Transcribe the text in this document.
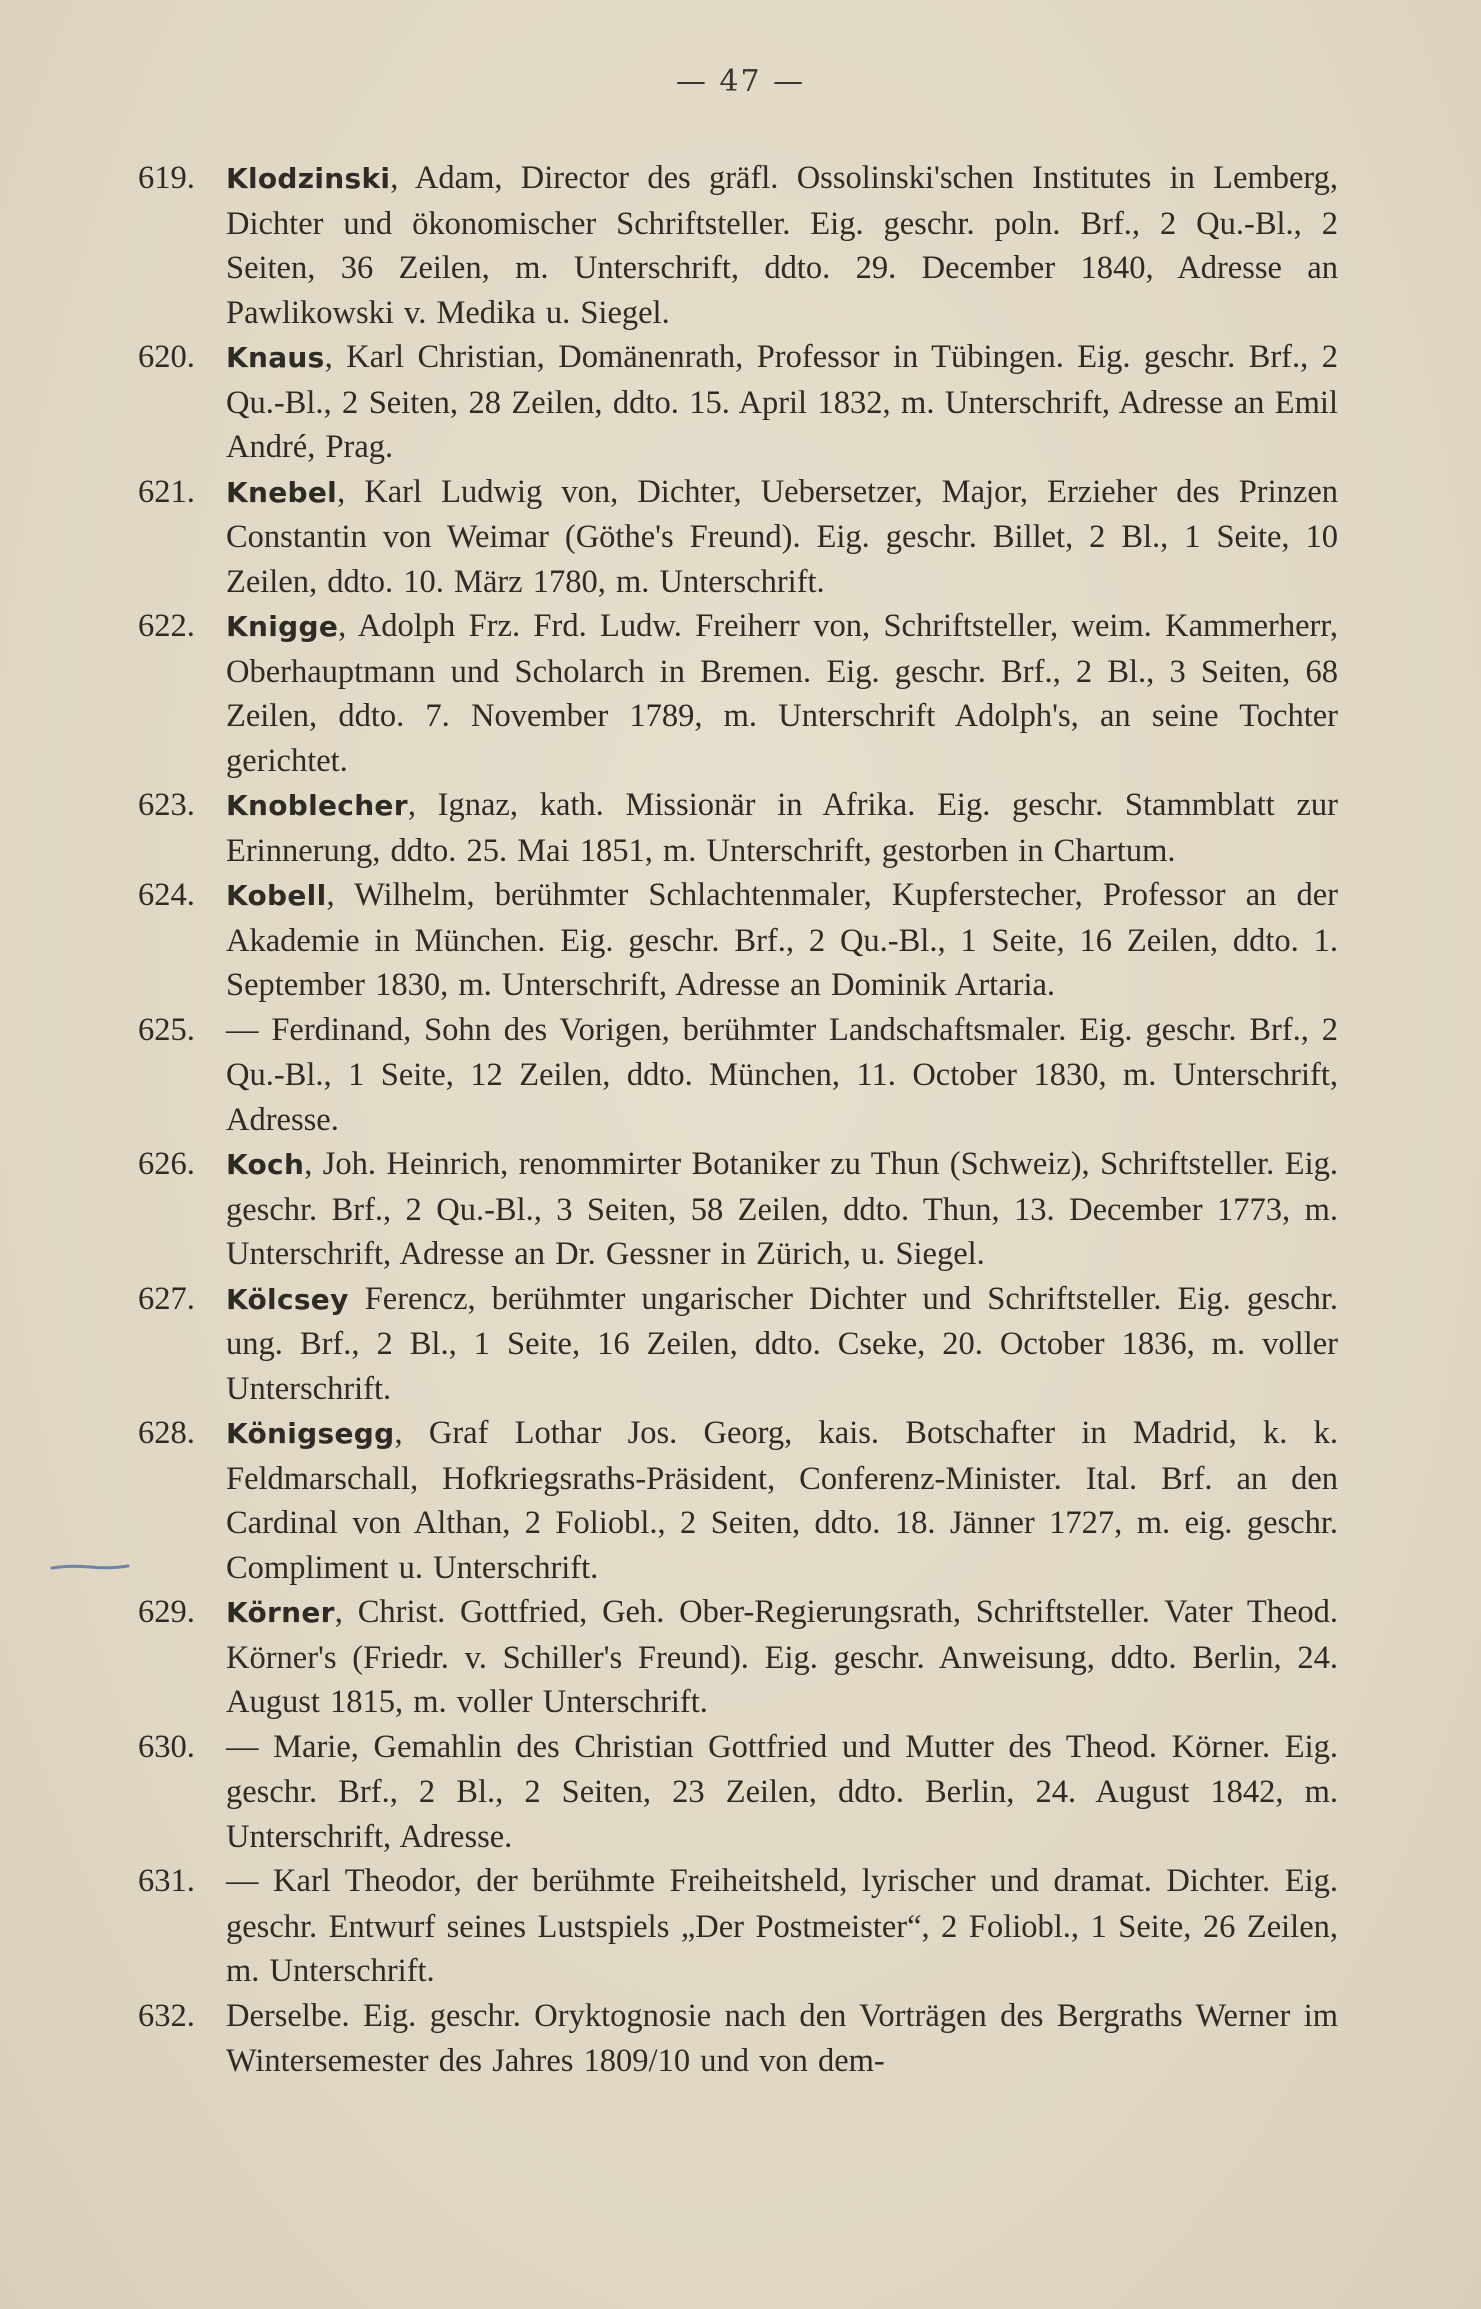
— 47 —
619.	Klodzinski, Adam, Director des gräfl. Ossolinski'schen Institutes in Lemberg, Dichter und ökonomischer Schriftsteller. Eig. geschr. poln. Brf., 2 Qu.-Bl., 2 Seiten, 36 Zeilen, m. Unterschrift, ddto. 29. December 1840, Adresse an Pawlikowski v. Medika u. Siegel.
620.	Knaus, Karl Christian, Domänenrath, Professor in Tübingen. Eig. geschr. Brf., 2 Qu.-Bl., 2 Seiten, 28 Zeilen, ddto. 15. April 1832, m. Unterschrift, Adresse an Emil André, Prag.
621.	Knebel, Karl Ludwig von, Dichter, Uebersetzer, Major, Erzieher des Prinzen Constantin von Weimar (Göthe's Freund). Eig. geschr. Billet, 2 Bl., 1 Seite, 10 Zeilen, ddto. 10. März 1780, m. Unterschrift.
622.	Knigge, Adolph Frz. Frd. Ludw. Freiherr von, Schriftsteller, weim. Kammerherr, Oberhauptmann und Scholarch in Bremen. Eig. geschr. Brf., 2 Bl., 3 Seiten, 68 Zeilen, ddto. 7. November 1789, m. Unterschrift Adolph's, an seine Tochter gerichtet.
623.	Knoblecher, Ignaz, kath. Missionär in Afrika. Eig. geschr. Stammblatt zur Erinnerung, ddto. 25. Mai 1851, m. Unterschrift, gestorben in Chartum.
624.	Kobell, Wilhelm, berühmter Schlachtenmaler, Kupferstecher, Professor an der Akademie in München. Eig. geschr. Brf., 2 Qu.-Bl., 1 Seite, 16 Zeilen, ddto. 1. September 1830, m. Unterschrift, Adresse an Dominik Artaria.
625. — Ferdinand, Sohn des Vorigen, berühmter Landschaftsmaler. Eig. geschr. Brf., 2 Qu.-Bl., 1 Seite, 12 Zeilen, ddto. München, 11. October 1830, m. Unterschrift, Adresse.
626.	Koch, Joh. Heinrich, renommirter Botaniker zu Thun (Schweiz), Schriftsteller. Eig. geschr. Brf., 2 Qu.-Bl., 3 Seiten, 58 Zeilen, ddto. Thun, 13. December 1773, m. Unterschrift, Adresse an Dr. Gessner in Zürich, u. Siegel.
627.	Kölcsey Ferencz, berühmter ungarischer Dichter und Schriftsteller. Eig. geschr. ung. Brf., 2 Bl., 1 Seite, 16 Zeilen, ddto. Cseke, 20. October 1836, m. voller Unterschrift.
628.	Königsegg, Graf Lothar Jos. Georg, kais. Botschafter in Madrid, k. k. Feldmarschall, Hofkriegsraths-Präsident, Conferenz-Minister. Ital. Brf. an den Cardinal von Althan, 2 Foliobl., 2 Seiten, ddto. 18. Jänner 1727, m. eig. geschr. Compliment u. Unterschrift.
629.	Körner, Christ. Gottfried, Geh. Ober-Regierungsrath, Schriftsteller. Vater Theod. Körner's (Friedr. v. Schiller's Freund). Eig. geschr. Anweisung, ddto. Berlin, 24. August 1815, m. voller Unterschrift.
630. — Marie, Gemahlin des Christian Gottfried und Mutter des Theod. Körner. Eig. geschr. Brf., 2 Bl., 2 Seiten, 23 Zeilen, ddto. Berlin, 24. August 1842, m. Unterschrift, Adresse.
631. — Karl Theodor, der berühmte Freiheitsheld, lyrischer und dramat. Dichter. Eig. geschr. Entwurf seines Lustspiels „Der Postmeister“, 2 Foliobl., 1 Seite, 26 Zeilen, m. Unterschrift.
632. Derselbe. Eig. geschr. Oryktognosie nach den Vorträgen des Bergraths Werner im Wintersemester des Jahres 1809/10 und von dem-
